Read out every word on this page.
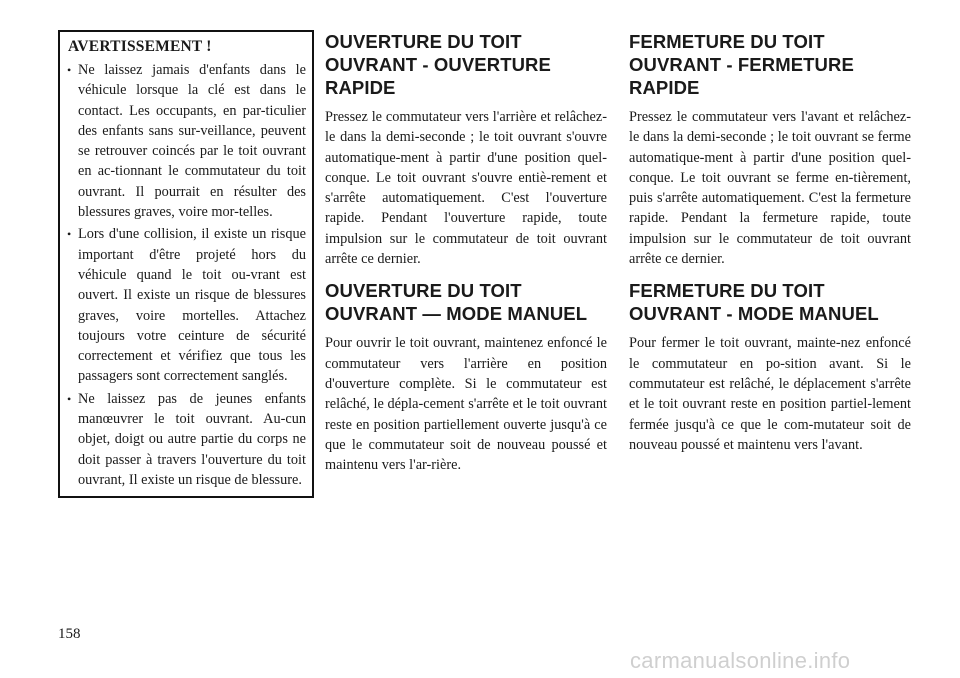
AVERTISSEMENT !
• Ne laissez jamais d'enfants dans le véhicule lorsque la clé est dans le contact. Les occupants, en par-ticulier des enfants sans sur-veillance, peuvent se retrouver coincés par le toit ouvrant en ac-tionnant le commutateur du toit ouvrant. Il pourrait en résulter des blessures graves, voire mor-telles.
• Lors d'une collision, il existe un risque important d'être projeté hors du véhicule quand le toit ou-vrant est ouvert. Il existe un risque de blessures graves, voire mortelles. Attachez toujours votre ceinture de sécurité correctement et vérifiez que tous les passagers sont correctement sanglés.
• Ne laissez pas de jeunes enfants manœuvrer le toit ouvrant. Au-cun objet, doigt ou autre partie du corps ne doit passer à travers l'ouverture du toit ouvrant, Il existe un risque de blessure.
OUVERTURE DU TOIT OUVRANT - OUVERTURE RAPIDE

Pressez le commutateur vers l'arrière et relâchez-le dans la demi-seconde ; le toit ouvrant s'ouvre automatique-ment à partir d'une position quel-conque. Le toit ouvrant s'ouvre entiè-rement et s'arrête automatiquement. C'est l'ouverture rapide. Pendant l'ouverture rapide, toute impulsion sur le commutateur de toit ouvrant arrête ce dernier.

OUVERTURE DU TOIT OUVRANT — MODE MANUEL

Pour ouvrir le toit ouvrant, maintenez enfoncé le commutateur vers l'arrière en position d'ouverture complète. Si le commutateur est relâché, le dépla-cement s'arrête et le toit ouvrant reste en position partiellement ouverte jusqu'à ce que le commutateur soit de nouveau poussé et maintenu vers l'ar-rière.

FERMETURE DU TOIT OUVRANT - FERMETURE RAPIDE

Pressez le commutateur vers l'avant et relâchez-le dans la demi-seconde ; le toit ouvrant se ferme automatique-ment à partir d'une position quel-conque. Le toit ouvrant se ferme en-tièrement, puis s'arrête automatiquement. C'est la fermeture rapide. Pendant la fermeture rapide, toute impulsion sur le commutateur de toit ouvrant arrête ce dernier.

FERMETURE DU TOIT OUVRANT - MODE MANUEL

Pour fermer le toit ouvrant, mainte-nez enfoncé le commutateur en po-sition avant. Si le commutateur est relâché, le déplacement s'arrête et le toit ouvrant reste en position partiel-lement fermée jusqu'à ce que le com-mutateur soit de nouveau poussé et maintenu vers l'avant.

158
carmanualsonline.info
